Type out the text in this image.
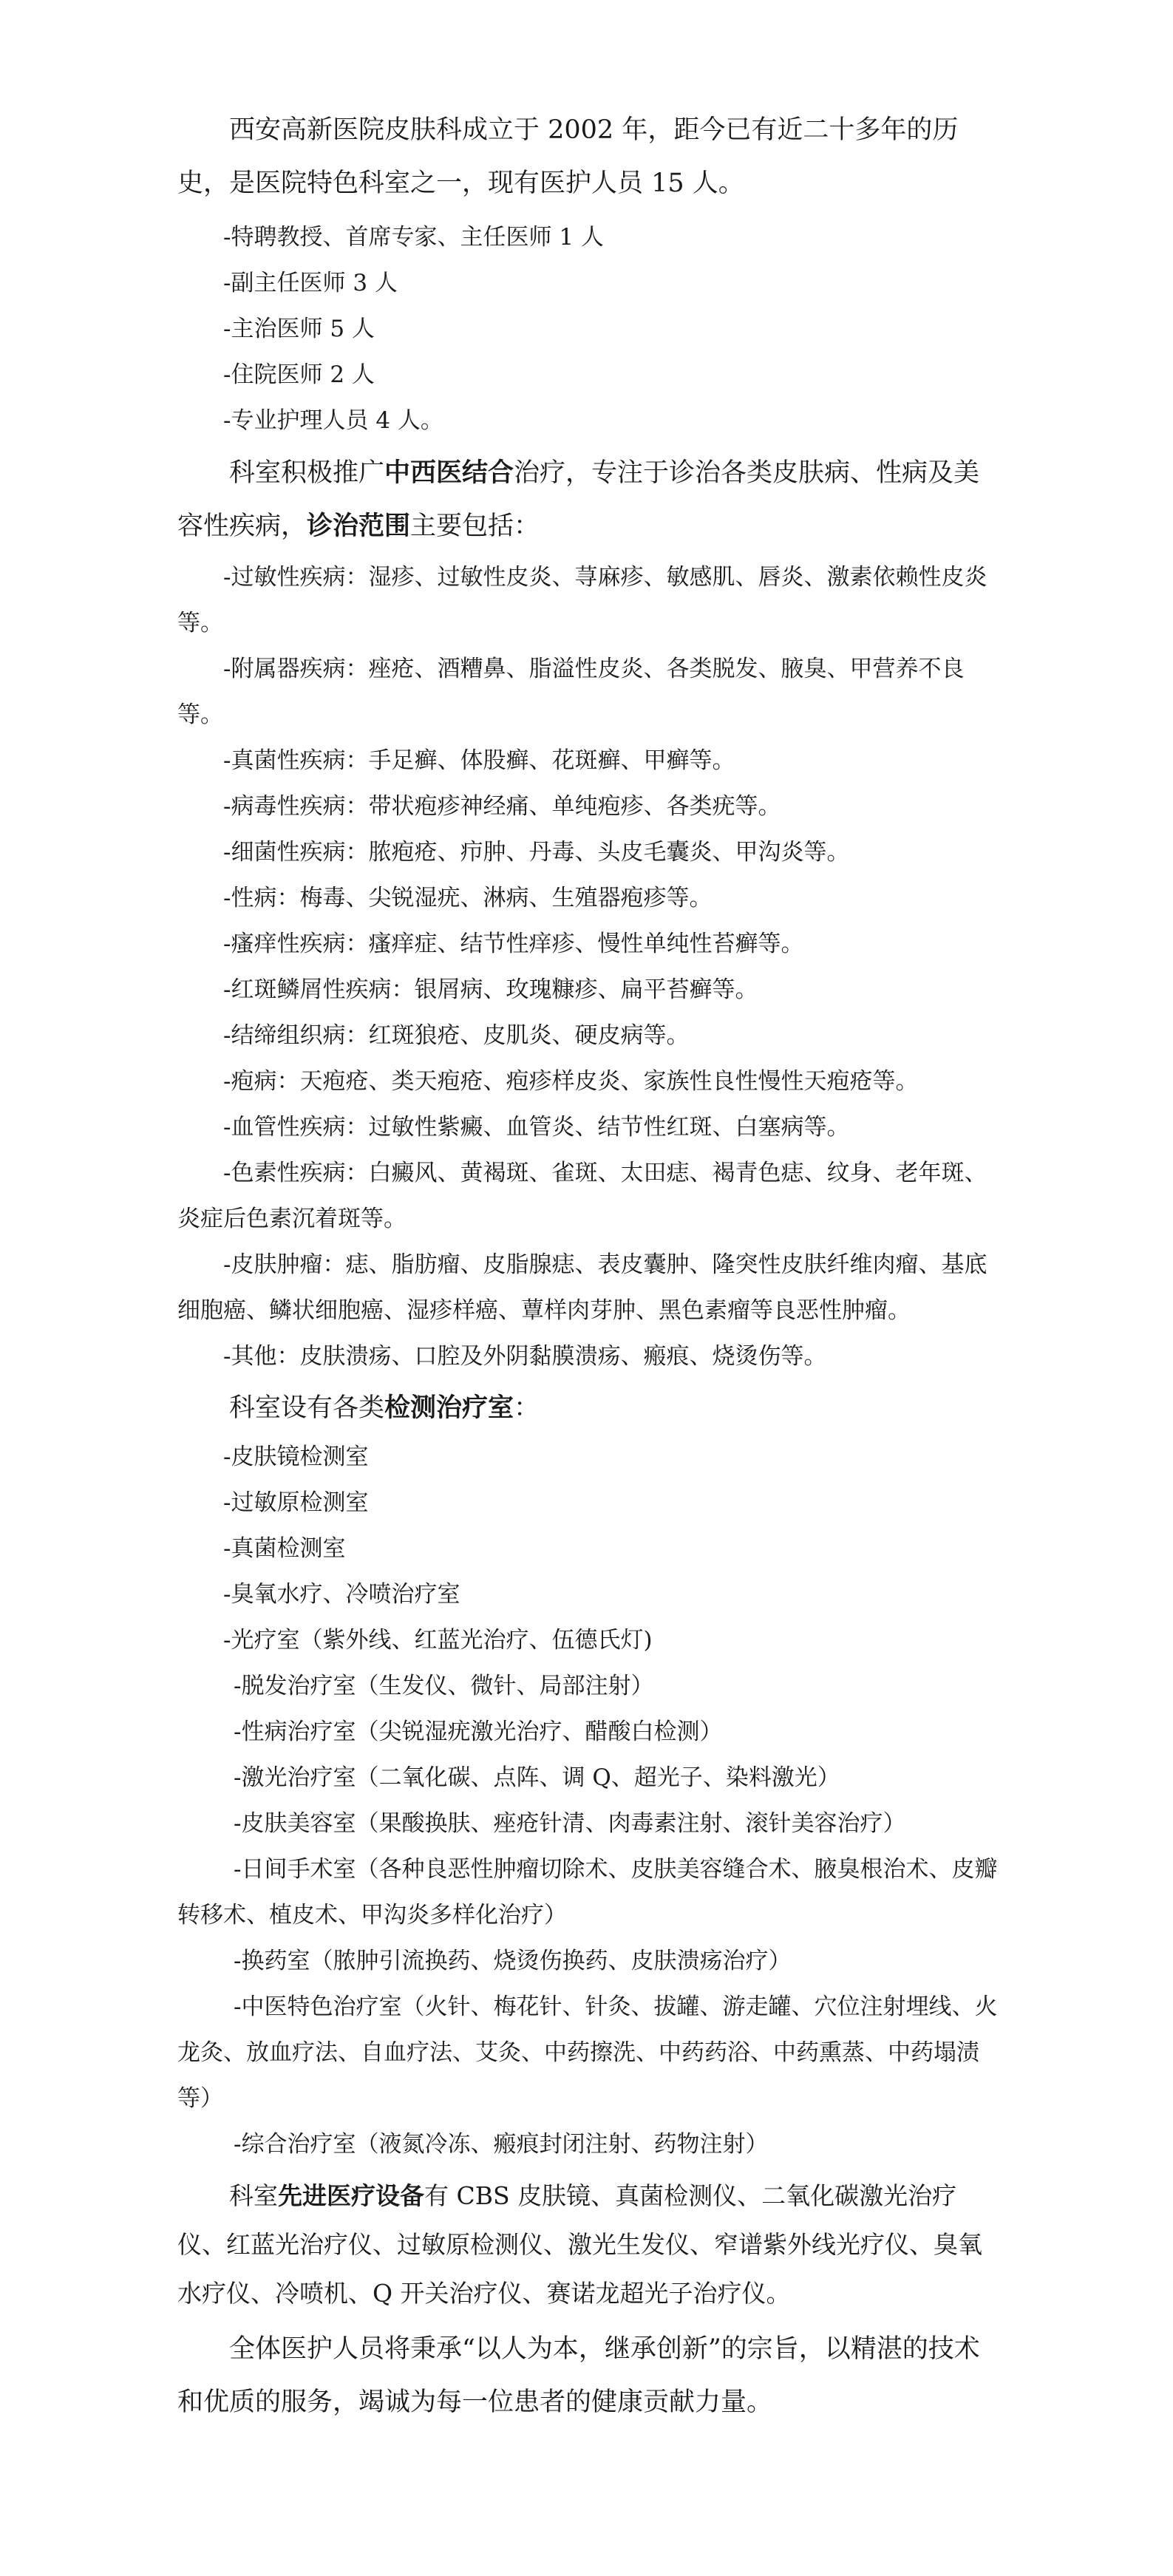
西安高新医院皮肤科成立于 2002 年，距今已有近二十多年的历史，是医院特色科室之一，现有医护人员 15 人。

-特聘教授、首席专家、主任医师 1 人

-副主任医师 3 人

-主治医师 5 人

-住院医师 2 人

-专业护理人员 4 人。

科室积极推广中西医结合治疗，专注于诊治各类皮肤病、性病及美容性疾病，诊治范围主要包括：

-过敏性疾病：湿疹、过敏性皮炎、荨麻疹、敏感肌、唇炎、激素依赖性皮炎等。

-附属器疾病：痤疮、酒糟鼻、脂溢性皮炎、各类脱发、腋臭、甲营养不良等。

-真菌性疾病：手足癣、体股癣、花斑癣、甲癣等。

-病毒性疾病：带状疱疹神经痛、单纯疱疹、各类疣等。

-细菌性疾病：脓疱疮、疖肿、丹毒、头皮毛囊炎、甲沟炎等。

-性病：梅毒、尖锐湿疣、淋病、生殖器疱疹等。

-瘙痒性疾病：瘙痒症、结节性痒疹、慢性单纯性苔癣等。

-红斑鳞屑性疾病：银屑病、玫瑰糠疹、扁平苔癣等。

-结缔组织病：红斑狼疮、皮肌炎、硬皮病等。

-疱病：天疱疮、类天疱疮、疱疹样皮炎、家族性良性慢性天疱疮等。

-血管性疾病：过敏性紫癜、血管炎、结节性红斑、白塞病等。

-色素性疾病：白癜风、黄褐斑、雀斑、太田痣、褐青色痣、纹身、老年斑、炎症后色素沉着斑等。

-皮肤肿瘤：痣、脂肪瘤、皮脂腺痣、表皮囊肿、隆突性皮肤纤维肉瘤、基底细胞癌、鳞状细胞癌、湿疹样癌、蕈样肉芽肿、黑色素瘤等良恶性肿瘤。

-其他：皮肤溃疡、口腔及外阴黏膜溃疡、瘢痕、烧烫伤等。

科室设有各类检测治疗室：

-皮肤镜检测室

-过敏原检测室

-真菌检测室

-臭氧水疗、冷喷治疗室

-光疗室（紫外线、红蓝光治疗、伍德氏灯)

-脱发治疗室（生发仪、微针、局部注射）

-性病治疗室（尖锐湿疣激光治疗、醋酸白检测）

-激光治疗室（二氧化碳、点阵、调 Q、超光子、染料激光）

-皮肤美容室（果酸换肤、痤疮针清、肉毒素注射、滚针美容治疗）

-日间手术室（各种良恶性肿瘤切除术、皮肤美容缝合术、腋臭根治术、皮瓣转移术、植皮术、甲沟炎多样化治疗）

-换药室（脓肿引流换药、烧烫伤换药、皮肤溃疡治疗）

-中医特色治疗室（火针、梅花针、针灸、拔罐、游走罐、穴位注射埋线、火龙灸、放血疗法、自血疗法、艾灸、中药擦洗、中药药浴、中药熏蒸、中药塌渍等）

-综合治疗室（液氮冷冻、瘢痕封闭注射、药物注射）

科室先进医疗设备有 CBS 皮肤镜、真菌检测仪、二氧化碳激光治疗仪、红蓝光治疗仪、过敏原检测仪、激光生发仪、窄谱紫外线光疗仪、臭氧水疗仪、冷喷机、Q 开关治疗仪、赛诺龙超光子治疗仪。

全体医护人员将秉承“以人为本，继承创新”的宗旨，以精湛的技术和优质的服务，竭诚为每一位患者的健康贡献力量。
